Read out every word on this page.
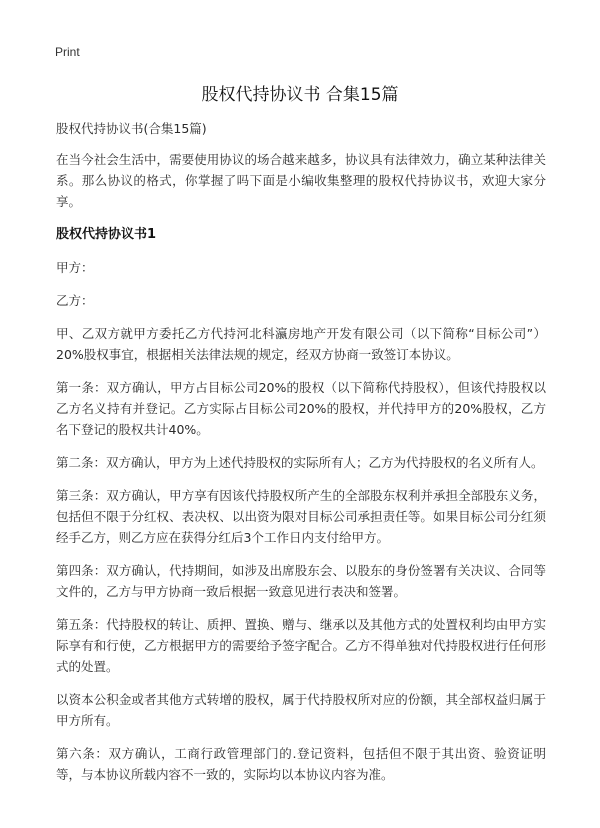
Print
股权代持协议书 合集15篇

股权代持协议书(合集15篇)

在当今社会生活中，需要使用协议的场合越来越多，协议具有法律效力，确立某种法律关系。那么协议的格式，你掌握了吗下面是小编收集整理的股权代持协议书，欢迎大家分享。

股权代持协议书1

甲方：

乙方：

甲、乙双方就甲方委托乙方代持河北科瀛房地产开发有限公司（以下简称“目标公司”）20%股权事宜，根据相关法律法规的规定，经双方协商一致签订本协议。

第一条：双方确认，甲方占目标公司20%的股权（以下简称代持股权），但该代持股权以乙方名义持有并登记。乙方实际占目标公司20%的股权，并代持甲方的20%股权，乙方名下登记的股权共计40%。

第二条：双方确认，甲方为上述代持股权的实际所有人；乙方为代持股权的名义所有人。

第三条：双方确认，甲方享有因该代持股权所产生的全部股东权利并承担全部股东义务，包括但不限于分红权、表决权、以出资为限对目标公司承担责任等。如果目标公司分红须经手乙方，则乙方应在获得分红后3个工作日内支付给甲方。

第四条：双方确认，代持期间，如涉及出席股东会、以股东的身份签署有关决议、合同等文件的，乙方与甲方协商一致后根据一致意见进行表决和签署。

第五条：代持股权的转让、质押、置换、赠与、继承以及其他方式的处置权利均由甲方实际享有和行使，乙方根据甲方的需要给予签字配合。乙方不得单独对代持股权进行任何形式的处置。

以资本公积金或者其他方式转增的股权，属于代持股权所对应的份额，其全部权益归属于甲方所有。

第六条：双方确认，工商行政管理部门的.登记资料，包括但不限于其出资、验资证明等，与本协议所载内容不一致的，实际均以本协议内容为准。
